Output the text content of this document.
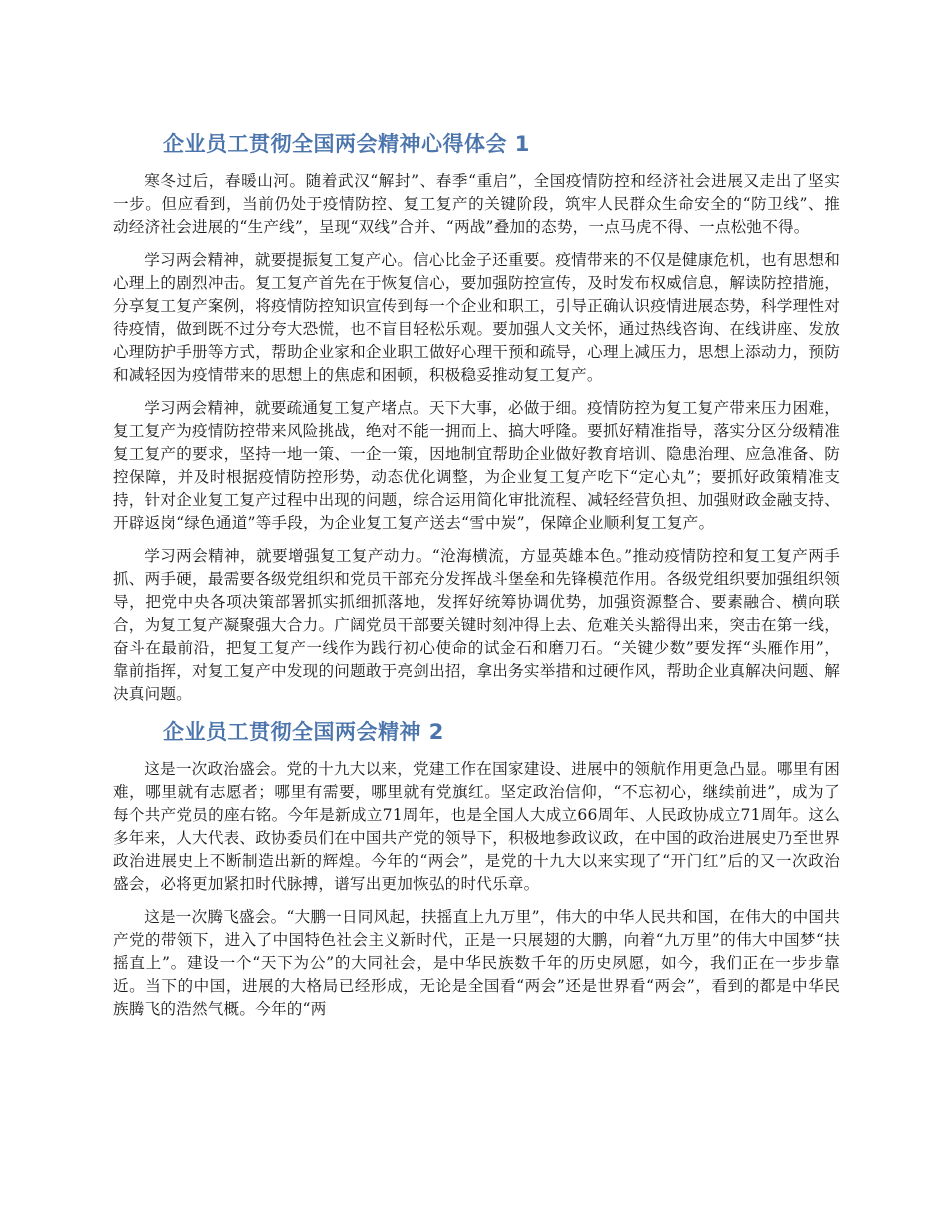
企业员工贯彻全国两会精神心得体会 1

寒冬过后，春暖山河。随着武汉“解封”、春季“重启”，全国疫情防控和经济社会进展又走出了坚实一步。但应看到，当前仍处于疫情防控、复工复产的关键阶段，筑牢人民群众生命安全的“防卫线”、推动经济社会进展的“生产线”，呈现“双线”合并、“两战”叠加的态势，一点马虎不得、一点松弛不得。

学习两会精神，就要提振复工复产心。信心比金子还重要。疫情带来的不仅是健康危机，也有思想和心理上的剧烈冲击。复工复产首先在于恢复信心，要加强防控宣传，及时发布权威信息，解读防控措施，分享复工复产案例，将疫情防控知识宣传到每一个企业和职工，引导正确认识疫情进展态势，科学理性对待疫情，做到既不过分夸大恐慌，也不盲目轻松乐观。要加强人文关怀，通过热线咨询、在线讲座、发放心理防护手册等方式，帮助企业家和企业职工做好心理干预和疏导，心理上减压力，思想上添动力，预防和减轻因为疫情带来的思想上的焦虑和困顿，积极稳妥推动复工复产。

学习两会精神，就要疏通复工复产堵点。天下大事，必做于细。疫情防控为复工复产带来压力困难，复工复产为疫情防控带来风险挑战，绝对不能一拥而上、搞大呼隆。要抓好精准指导，落实分区分级精准复工复产的要求，坚持一地一策、一企一策，因地制宜帮助企业做好教育培训、隐患治理、应急准备、防控保障，并及时根据疫情防控形势，动态优化调整，为企业复工复产吃下“定心丸”；要抓好政策精准支持，针对企业复工复产过程中出现的问题，综合运用简化审批流程、减轻经营负担、加强财政金融支持、开辟返岗“绿色通道”等手段，为企业复工复产送去“雪中炭”，保障企业顺利复工复产。

学习两会精神，就要增强复工复产动力。“沧海横流，方显英雄本色。”推动疫情防控和复工复产两手抓、两手硬，最需要各级党组织和党员干部充分发挥战斗堡垒和先锋模范作用。各级党组织要加强组织领导，把党中央各项决策部署抓实抓细抓落地，发挥好统筹协调优势，加强资源整合、要素融合、横向联合，为复工复产凝聚强大合力。广阔党员干部要关键时刻冲得上去、危难关头豁得出来，突击在第一线，奋斗在最前沿，把复工复产一线作为践行初心使命的试金石和磨刀石。“关键少数”要发挥“头雁作用”，靠前指挥，对复工复产中发现的问题敢于亮剑出招，拿出务实举措和过硬作风，帮助企业真解决问题、解决真问题。

企业员工贯彻全国两会精神 2

这是一次政治盛会。党的十九大以来，党建工作在国家建设、进展中的领航作用更急凸显。哪里有困难，哪里就有志愿者；哪里有需要，哪里就有党旗红。坚定政治信仰，“不忘初心，继续前进”，成为了每个共产党员的座右铭。今年是新成立71周年，也是全国人大成立66周年、人民政协成立71周年。这么多年来，人大代表、政协委员们在中国共产党的领导下，积极地参政议政，在中国的政治进展史乃至世界政治进展史上不断制造出新的辉煌。今年的“两会”，是党的十九大以来实现了“开门红”后的又一次政治盛会，必将更加紧扣时代脉搏，谱写出更加恢弘的时代乐章。

这是一次腾飞盛会。“大鹏一日同风起，扶摇直上九万里”，伟大的中华人民共和国，在伟大的中国共产党的带领下，进入了中国特色社会主义新时代，正是一只展翅的大鹏，向着“九万里”的伟大中国梦“扶摇直上”。建设一个“天下为公”的大同社会，是中华民族数千年的历史夙愿，如今，我们正在一步步靠近。当下的中国，进展的大格局已经形成，无论是全国看“两会”还是世界看“两会”，看到的都是中华民族腾飞的浩然气概。今年的“两
